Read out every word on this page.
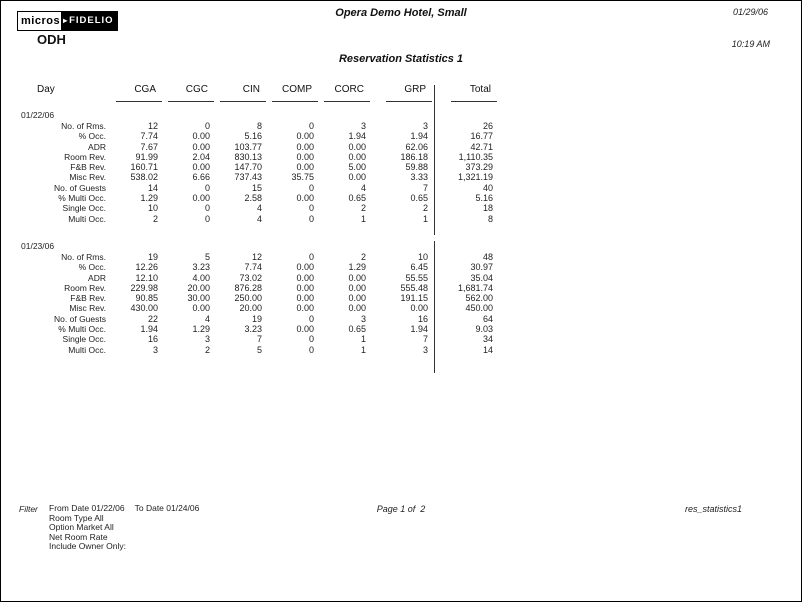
micros ▸ FIDELIO
ODH
Opera Demo Hotel, Small	01/29/06
10:19 AM
Reservation Statistics 1
Day	CGA	CGC	CIN	COMP	CORC	GRP	Total
01/22/06
No. of Rms.	12	0	8	0	3	3	26
% Occ.	7.74	0.00	5.16	0.00	1.94	1.94	16.77
ADR	7.67	0.00	103.77	0.00	0.00	62.06	42.71
Room Rev.	91.99	2.04	830.13	0.00	0.00	186.18	1,110.35
F&B Rev.	160.71	0.00	147.70	0.00	5.00	59.88	373.29
Misc Rev.	538.02	6.66	737.43	35.75	0.00	3.33	1,321.19
No. of Guests	14	0	15	0	4	7	40
% Multi Occ.	1.29	0.00	2.58	0.00	0.65	0.65	5.16
Single Occ.	10	0	4	0	2	2	18
Multi Occ.	2	0	4	0	1	1	8
01/23/06
No. of Rms.	19	5	12	0	2	10	48
% Occ.	12.26	3.23	7.74	0.00	1.29	6.45	30.97
ADR	12.10	4.00	73.02	0.00	0.00	55.55	35.04
Room Rev.	229.98	20.00	876.28	0.00	0.00	555.48	1,681.74
F&B Rev.	90.85	30.00	250.00	0.00	0.00	191.15	562.00
Misc Rev.	430.00	0.00	20.00	0.00	0.00	0.00	450.00
No. of Guests	22	4	19	0	3	16	64
% Multi Occ.	1.94	1.29	3.23	0.00	0.65	1.94	9.03
Single Occ.	16	3	7	0	1	7	34
Multi Occ.	3	2	5	0	1	3	14
Filter From Date 01/22/06 To Date 01/24/06
Room Type All
Option Market All
Net Room Rate
Include Owner Only:
Page 1 of  2	res_statistics1
